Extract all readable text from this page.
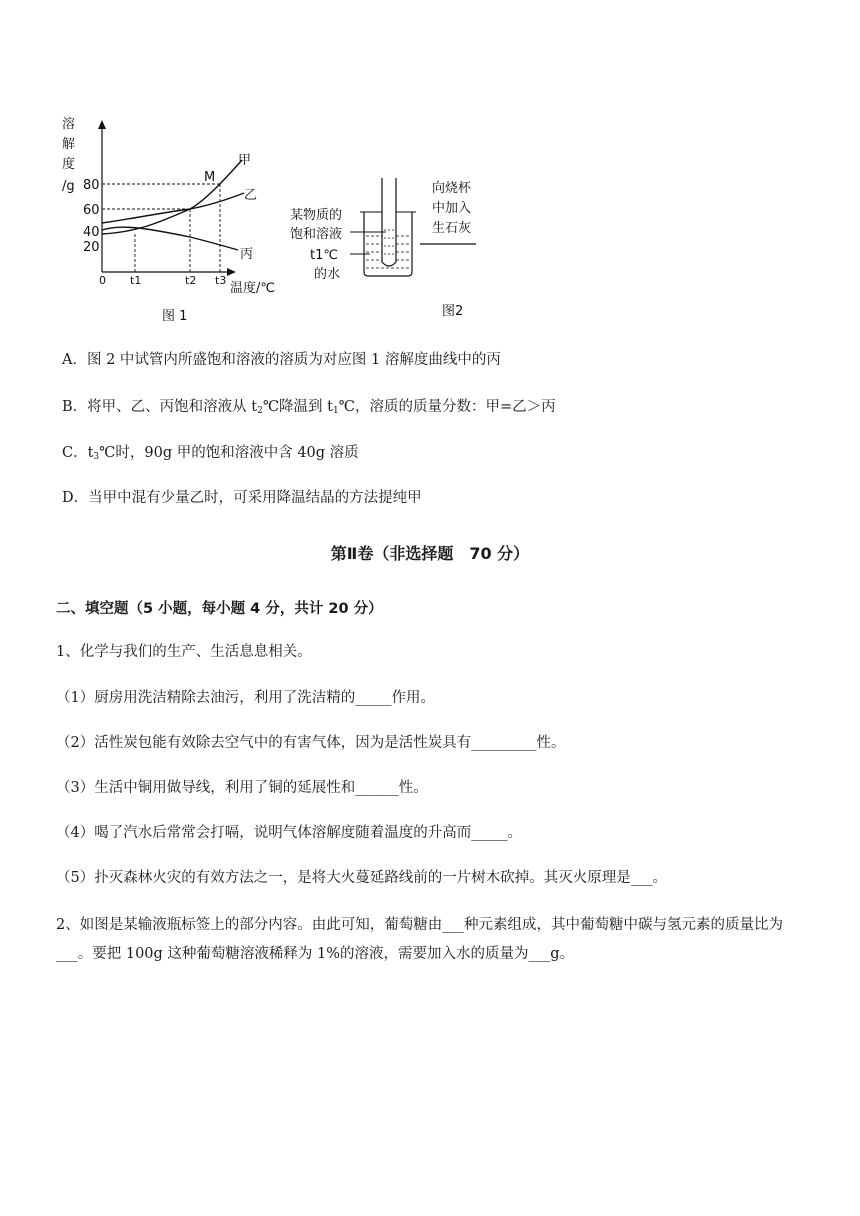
溶
解
度
/g 80
60
40
20
M
甲
乙
丙
0 t1	t2 t3
温度/℃
图 1
某物质的
饱和溶液
t1℃
的水
向烧杯
中加入
生石灰
图2
A．图 2 中试管内所盛饱和溶液的溶质为对应图 1 溶解度曲线中的丙
B．将甲、乙、丙饱和溶液从 $t_2℃$降温到 $t_1℃$，溶质的质量分数：甲=乙＞丙
C．$t_3℃$时，90g 甲的饱和溶液中含 40g 溶质
D．当甲中混有少量乙时，可采用降温结晶的方法提纯甲
第Ⅱ卷（非选择题　70 分）
二、填空题（5 小题，每小题 4 分，共计 20 分）
1、化学与我们的生产、生活息息相关。
（1）厨房用洗洁精除去油污，利用了洗洁精的_____作用。
（2）活性炭包能有效除去空气中的有害气体，因为是活性炭具有_________性。
（3）生活中铜用做导线，利用了铜的延展性和______性。
（4）喝了汽水后常常会打嗝，说明气体溶解度随着温度的升高而_____。
（5）扑灭森林火灾的有效方法之一，是将大火蔓延路线前的一片树木砍掉。其灭火原理是___。
2、如图是某输液瓶标签上的部分内容。由此可知，葡萄糖由___种元素组成，其中葡萄糖中碳与氢元素的质量比为___。要把 100g 这种葡萄糖溶液稀释为 1%的溶液，需要加入水的质量为___g。
